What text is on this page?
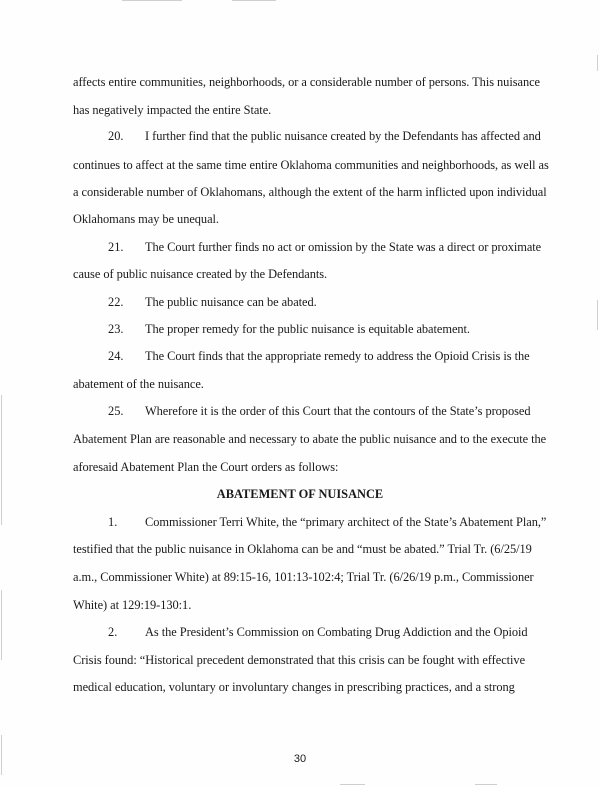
affects entire communities, neighborhoods, or a considerable number of persons. This nuisance
has negatively impacted the entire State.
20. I further find that the public nuisance created by the Defendants has affected and
continues to affect at the same time entire Oklahoma communities and neighborhoods, as well as
a considerable number of Oklahomans, although the extent of the harm inflicted upon individual
Oklahomans may be unequal.
21. The Court further finds no act or omission by the State was a direct or proximate
cause of public nuisance created by the Defendants.
22. The public nuisance can be abated.
23. The proper remedy for the public nuisance is equitable abatement.
24. The Court finds that the appropriate remedy to address the Opioid Crisis is the
abatement of the nuisance.
25. Wherefore it is the order of this Court that the contours of the State’s proposed
Abatement Plan are reasonable and necessary to abate the public nuisance and to the execute the
aforesaid Abatement Plan the Court orders as follows:
ABATEMENT OF NUISANCE
1. Commissioner Terri White, the “primary architect of the State’s Abatement Plan,”
testified that the public nuisance in Oklahoma can be and “must be abated.” Trial Tr. (6/25/19
a.m., Commissioner White) at 89:15-16, 101:13-102:4; Trial Tr. (6/26/19 p.m., Commissioner
White) at 129:19-130:1.
2. As the President’s Commission on Combating Drug Addiction and the Opioid
Crisis found: “Historical precedent demonstrated that this crisis can be fought with effective
medical education, voluntary or involuntary changes in prescribing practices, and a strong
30
